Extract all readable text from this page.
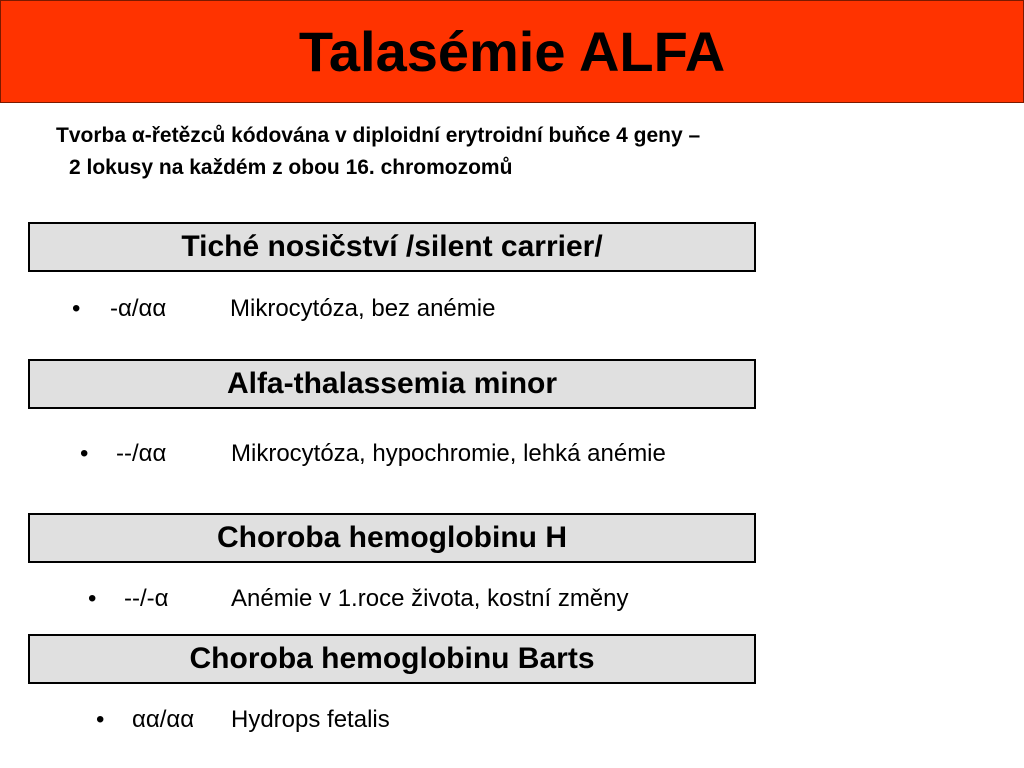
Talasémie ALFA
Tvorba α-řetězců kódována v diploidní erytroidní buňce 4 geny –
2 lokusy na každém z obou 16. chromozomů
Tiché nosičství /silent carrier/
• -α/αα	Mikrocytóza, bez anémie
Alfa-thalassemia minor
• --/αα	Mikrocytóza, hypochromie, lehká anémie
Choroba hemoglobinu H
• --/-α	Anémie v 1.roce života, kostní změny
Choroba hemoglobinu Barts
• αα/αα Hydrops fetalis
